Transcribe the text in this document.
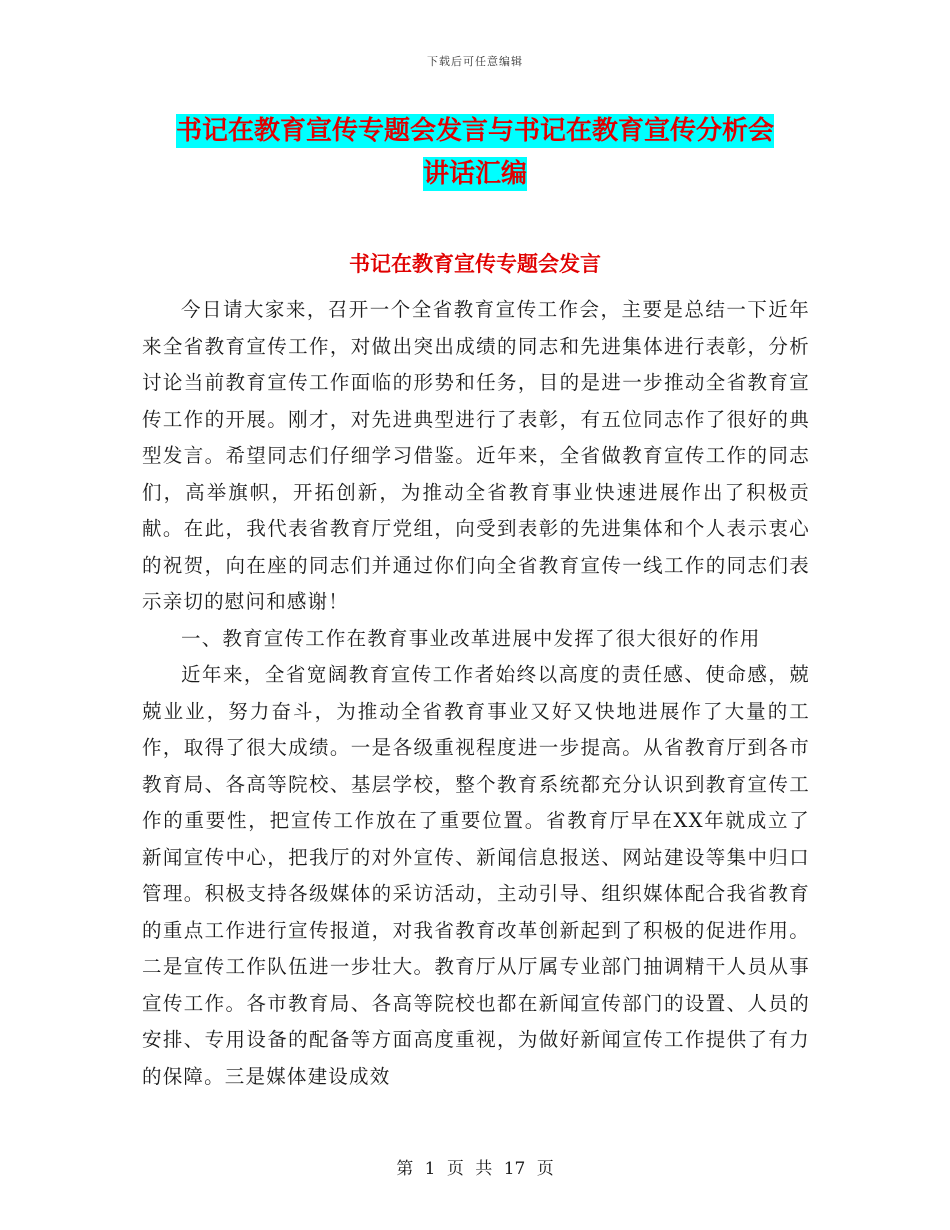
下载后可任意编辑
书记在教育宣传专题会发言与书记在教育宣传分析会
讲话汇编
书记在教育宣传专题会发言

今日请大家来，召开一个全省教育宣传工作会，主要是总结一下近年来全省教育宣传工作，对做出突出成绩的同志和先进集体进行表彰，分析讨论当前教育宣传工作面临的形势和任务，目的是进一步推动全省教育宣传工作的开展。刚才，对先进典型进行了表彰，有五位同志作了很好的典型发言。希望同志们仔细学习借鉴。近年来，全省做教育宣传工作的同志们，高举旗帜，开拓创新，为推动全省教育事业快速进展作出了积极贡献。在此，我代表省教育厅党组，向受到表彰的先进集体和个人表示衷心的祝贺，向在座的同志们并通过你们向全省教育宣传一线工作的同志们表示亲切的慰问和感谢！

一、教育宣传工作在教育事业改革进展中发挥了很大很好的作用

近年来，全省宽阔教育宣传工作者始终以高度的责任感、使命感，兢兢业业，努力奋斗，为推动全省教育事业又好又快地进展作了大量的工作，取得了很大成绩。一是各级重视程度进一步提高。从省教育厅到各市教育局、各高等院校、基层学校，整个教育系统都充分认识到教育宣传工作的重要性，把宣传工作放在了重要位置。省教育厅早在XX年就成立了新闻宣传中心，把我厅的对外宣传、新闻信息报送、网站建设等集中归口管理。积极支持各级媒体的采访活动，主动引导、组织媒体配合我省教育的重点工作进行宣传报道，对我省教育改革创新起到了积极的促进作用。二是宣传工作队伍进一步壮大。教育厅从厅属专业部门抽调精干人员从事宣传工作。各市教育局、各高等院校也都在新闻宣传部门的设置、人员的安排、专用设备的配备等方面高度重视，为做好新闻宣传工作提供了有力的保障。三是媒体建设成效

第 1 页 共 17 页
